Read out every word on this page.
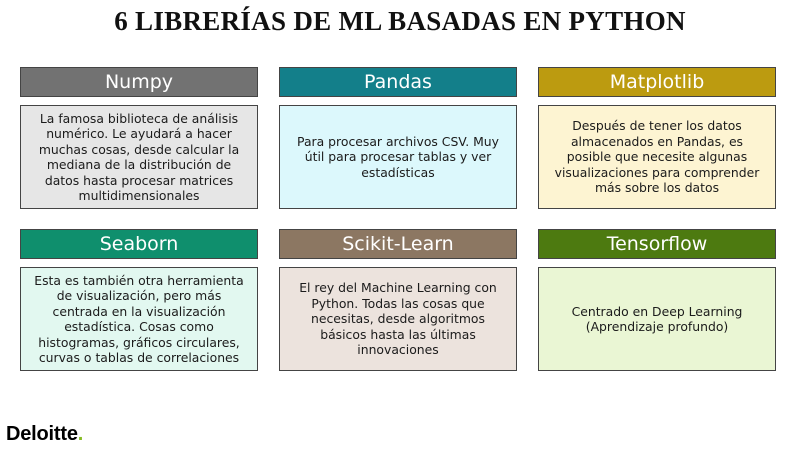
6 LIBRERÍAS DE ML BASADAS EN PYTHON
Numpy
La famosa biblioteca de análisis numérico. Le ayudará a hacer muchas cosas, desde calcular la mediana de la distribución de datos hasta procesar matrices multidimensionales
Pandas
Para procesar archivos CSV. Muy útil para procesar tablas y ver estadísticas
Matplotlib
Después de tener los datos almacenados en Pandas, es posible que necesite algunas visualizaciones para comprender más sobre los datos
Seaborn
Esta es también otra herramienta de visualización, pero más centrada en la visualización estadística. Cosas como histogramas, gráficos circulares, curvas o tablas de correlaciones
Scikit-Learn
El rey del Machine Learning con Python. Todas las cosas que necesitas, desde algoritmos básicos hasta las últimas innovaciones
Tensorflow
Centrado en Deep Learning (Aprendizaje profundo)
Deloitte.
